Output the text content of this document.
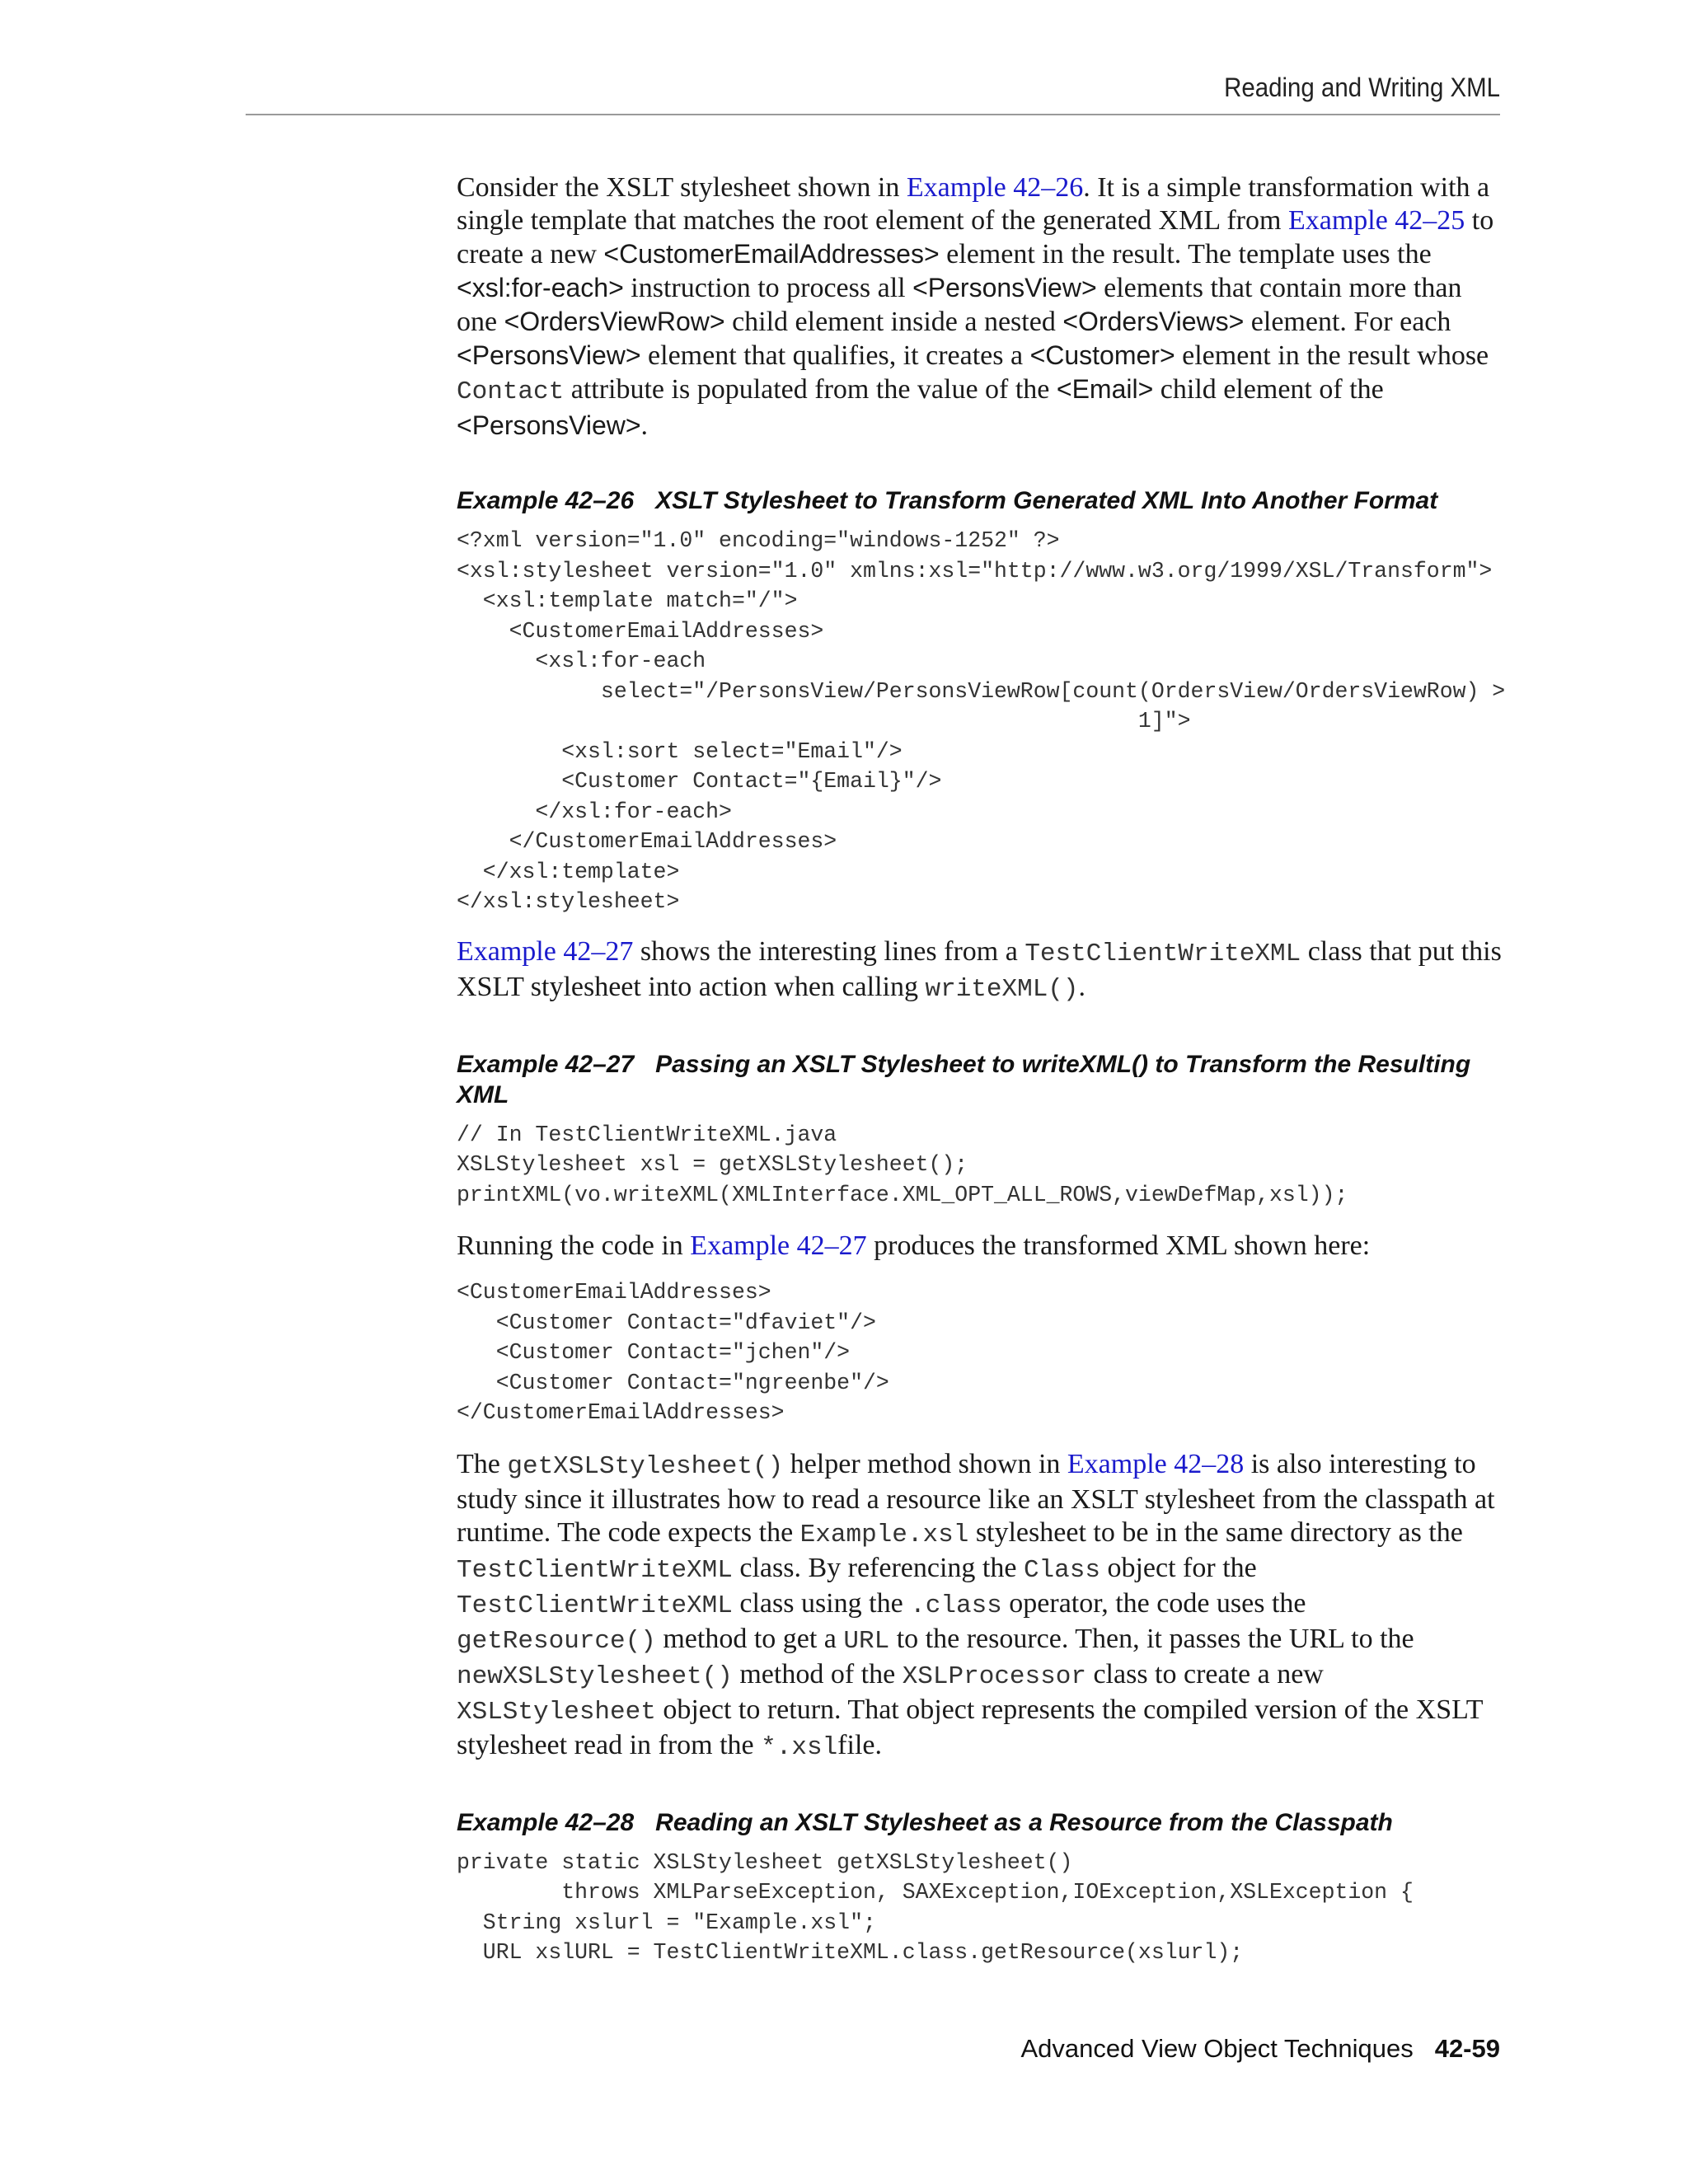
Reading and Writing XML

Consider the XSLT stylesheet shown in Example 42–26. It is a simple transformation with a single template that matches the root element of the generated XML from Example 42–25 to create a new <CustomerEmailAddresses> element in the result. The template uses the <xsl:for-each> instruction to process all <PersonsView> elements that contain more than one <OrdersViewRow> child element inside a nested <OrdersViews> element. For each <PersonsView> element that qualifies, it creates a <Customer> element in the result whose Contact attribute is populated from the value of the <Email> child element of the <PersonsView>.

Example 42–26 XSLT Stylesheet to Transform Generated XML Into Another Format

<?xml version="1.0" encoding="windows-1252" ?>
<xsl:stylesheet version="1.0" xmlns:xsl="http://www.w3.org/1999/XSL/Transform">
<xsl:template match="/">
<CustomerEmailAddresses>
<xsl:for-each
select="/PersonsView/PersonsViewRow[count(OrdersView/OrdersViewRow) >
1]">
<xsl:sort select="Email"/>
<Customer Contact="{Email}"/>
</xsl:for-each>
</CustomerEmailAddresses>
</xsl:template>
</xsl:stylesheet>

Example 42–27 shows the interesting lines from a TestClientWriteXML class that put this XSLT stylesheet into action when calling writeXML().

Example 42–27 Passing an XSLT Stylesheet to writeXML() to Transform the Resulting XML

// In TestClientWriteXML.java
XSLStylesheet xsl = getXSLStylesheet();
printXML(vo.writeXML(XMLInterface.XML_OPT_ALL_ROWS,viewDefMap,xsl));

Running the code in Example 42–27 produces the transformed XML shown here:

<CustomerEmailAddresses>
<Customer Contact="dfaviet"/>
<Customer Contact="jchen"/>
<Customer Contact="ngreenbe"/>
</CustomerEmailAddresses>

The getXSLStylesheet() helper method shown in Example 42–28 is also interesting to study since it illustrates how to read a resource like an XSLT stylesheet from the classpath at runtime. The code expects the Example.xsl stylesheet to be in the same directory as the TestClientWriteXML class. By referencing the Class object for the TestClientWriteXML class using the .class operator, the code uses the getResource() method to get a URL to the resource. Then, it passes the URL to the newXSLStylesheet() method of the XSLProcessor class to create a new XSLStylesheet object to return. That object represents the compiled version of the XSLT stylesheet read in from the *.xslfile.

Example 42–28 Reading an XSLT Stylesheet as a Resource from the Classpath

private static XSLStylesheet getXSLStylesheet()
throws XMLParseException, SAXException,IOException,XSLException {
String xslurl = "Example.xsl";
URL xslURL = TestClientWriteXML.class.getResource(xslurl);
Advanced View Object Techniques 42-59
